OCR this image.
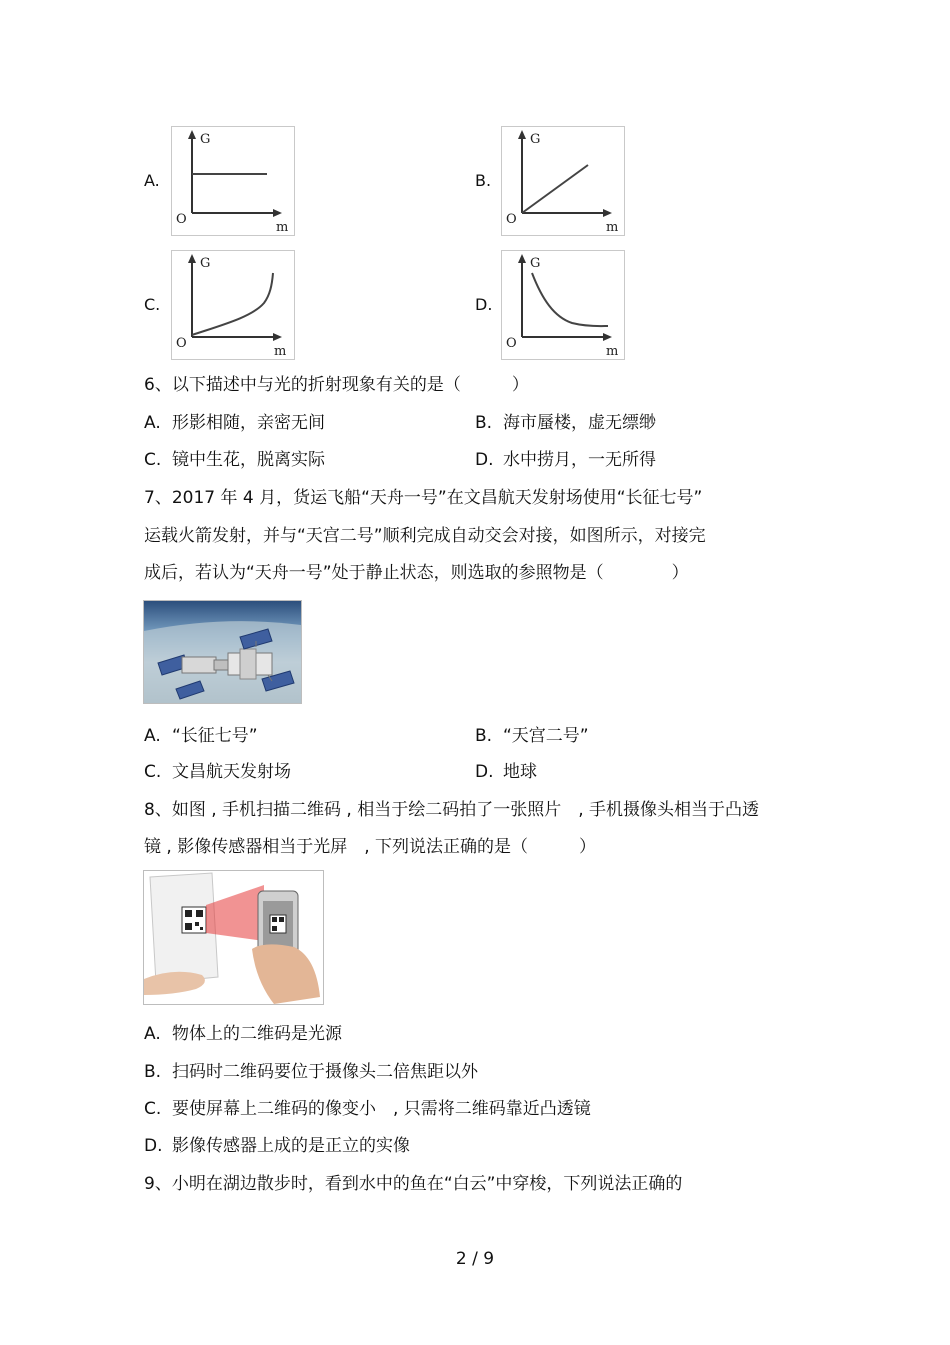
A.
G
O
m
B.
G
O
m
C.
G
O
m
D.
G
O
m
6、以下描述中与光的折射现象有关的是（　　　）
A. 形影相随，亲密无间	B. 海市蜃楼，虚无缥缈
C. 镜中生花，脱离实际	D. 水中捞月，一无所得
7、2017 年 4 月，货运飞船“天舟一号”在文昌航天发射场使用“长征七号”
运载火箭发射，并与“天宫二号”顺利完成自动交会对接，如图所示，对接完
成后，若认为“天舟一号”处于静止状态，则选取的参照物是（　　　　）
A. “长征七号”	B. “天宫二号”
C. 文昌航天发射场	D. 地球
8、如图 , 手机扫描二维码 , 相当于绘二码拍了一张照片　, 手机摄像头相当于凸透
镜 , 影像传感器相当于光屏　, 下列说法正确的是（　　　）
A. 物体上的二维码是光源
B. 扫码时二维码要位于摄像头二倍焦距以外
C. 要使屏幕上二维码的像变小　, 只需将二维码靠近凸透镜
D. 影像传感器上成的是正立的实像
9、小明在湖边散步时，看到水中的鱼在“白云”中穿梭，下列说法正确的
2 / 9
